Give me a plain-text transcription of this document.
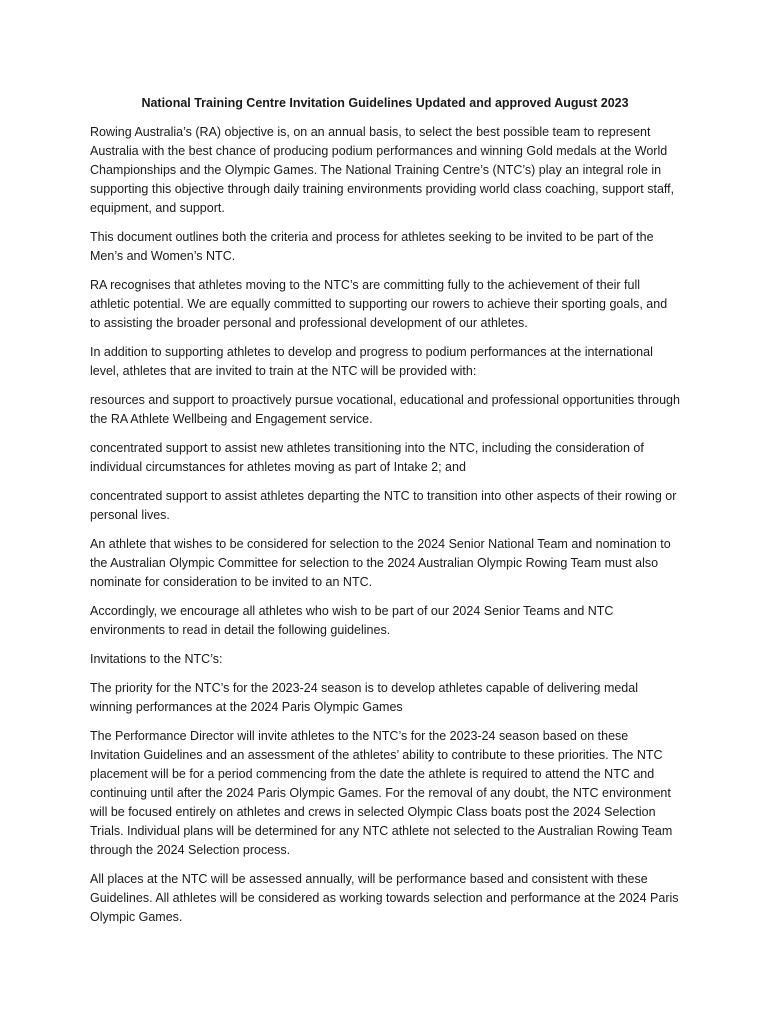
National Training Centre Invitation Guidelines Updated and approved August 2023

Rowing Australia’s (RA) objective is, on an annual basis, to select the best possible team to represent Australia with the best chance of producing podium performances and winning Gold medals at the World Championships and the Olympic Games. The National Training Centre’s (NTC’s) play an integral role in supporting this objective through daily training environments providing world class coaching, support staff, equipment, and support.

This document outlines both the criteria and process for athletes seeking to be invited to be part of the Men’s and Women’s NTC.

RA recognises that athletes moving to the NTC’s are committing fully to the achievement of their full athletic potential. We are equally committed to supporting our rowers to achieve their sporting goals, and to assisting the broader personal and professional development of our athletes.

In addition to supporting athletes to develop and progress to podium performances at the international level, athletes that are invited to train at the NTC will be provided with:

resources and support to proactively pursue vocational, educational and professional opportunities through the RA Athlete Wellbeing and Engagement service.

concentrated support to assist new athletes transitioning into the NTC, including the consideration of individual circumstances for athletes moving as part of Intake 2; and

concentrated support to assist athletes departing the NTC to transition into other aspects of their rowing or personal lives.

An athlete that wishes to be considered for selection to the 2024 Senior National Team and nomination to the Australian Olympic Committee for selection to the 2024 Australian Olympic Rowing Team must also nominate for consideration to be invited to an NTC.

Accordingly, we encourage all athletes who wish to be part of our 2024 Senior Teams and NTC environments to read in detail the following guidelines.

Invitations to the NTC’s:

The priority for the NTC’s for the 2023-24 season is to develop athletes capable of delivering medal winning performances at the 2024 Paris Olympic Games

The Performance Director will invite athletes to the NTC’s for the 2023-24 season based on these Invitation Guidelines and an assessment of the athletes’ ability to contribute to these priorities. The NTC placement will be for a period commencing from the date the athlete is required to attend the NTC and continuing until after the 2024 Paris Olympic Games. For the removal of any doubt, the NTC environment will be focused entirely on athletes and crews in selected Olympic Class boats post the 2024 Selection Trials. Individual plans will be determined for any NTC athlete not selected to the Australian Rowing Team through the 2024 Selection process.

All places at the NTC will be assessed annually, will be performance based and consistent with these Guidelines. All athletes will be considered as working towards selection and performance at the 2024 Paris Olympic Games.
